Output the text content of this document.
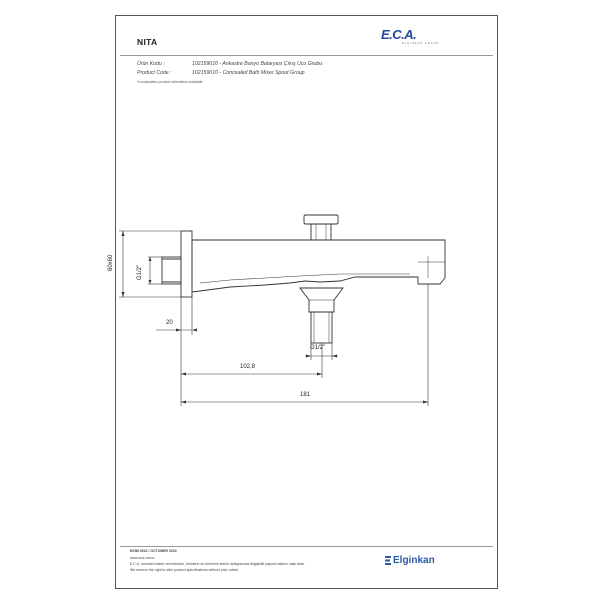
NITA	E.C.A.
ELGINKAN GROUP
Ürün Kodu :	102159010 - Ankastre Banyo Bataryası Çıkış Ucu Grubu
Product Code :	102159010 - Concealed Bath Mixer Spout Group
*Localization product selections available.
60x60
G1/2"
20
G1/2"
102,8
181
EKİM 2024 / OCTOBER 2024
www.eca.com.tr
E.C.A. önceden haber vermeksizin, ürünlerin ve ürünlerin teknik detaylarında değişiklik yapma hakkını saklı tutar.
We reserve the right to alter product specifications without prior notice.
Elginkan
